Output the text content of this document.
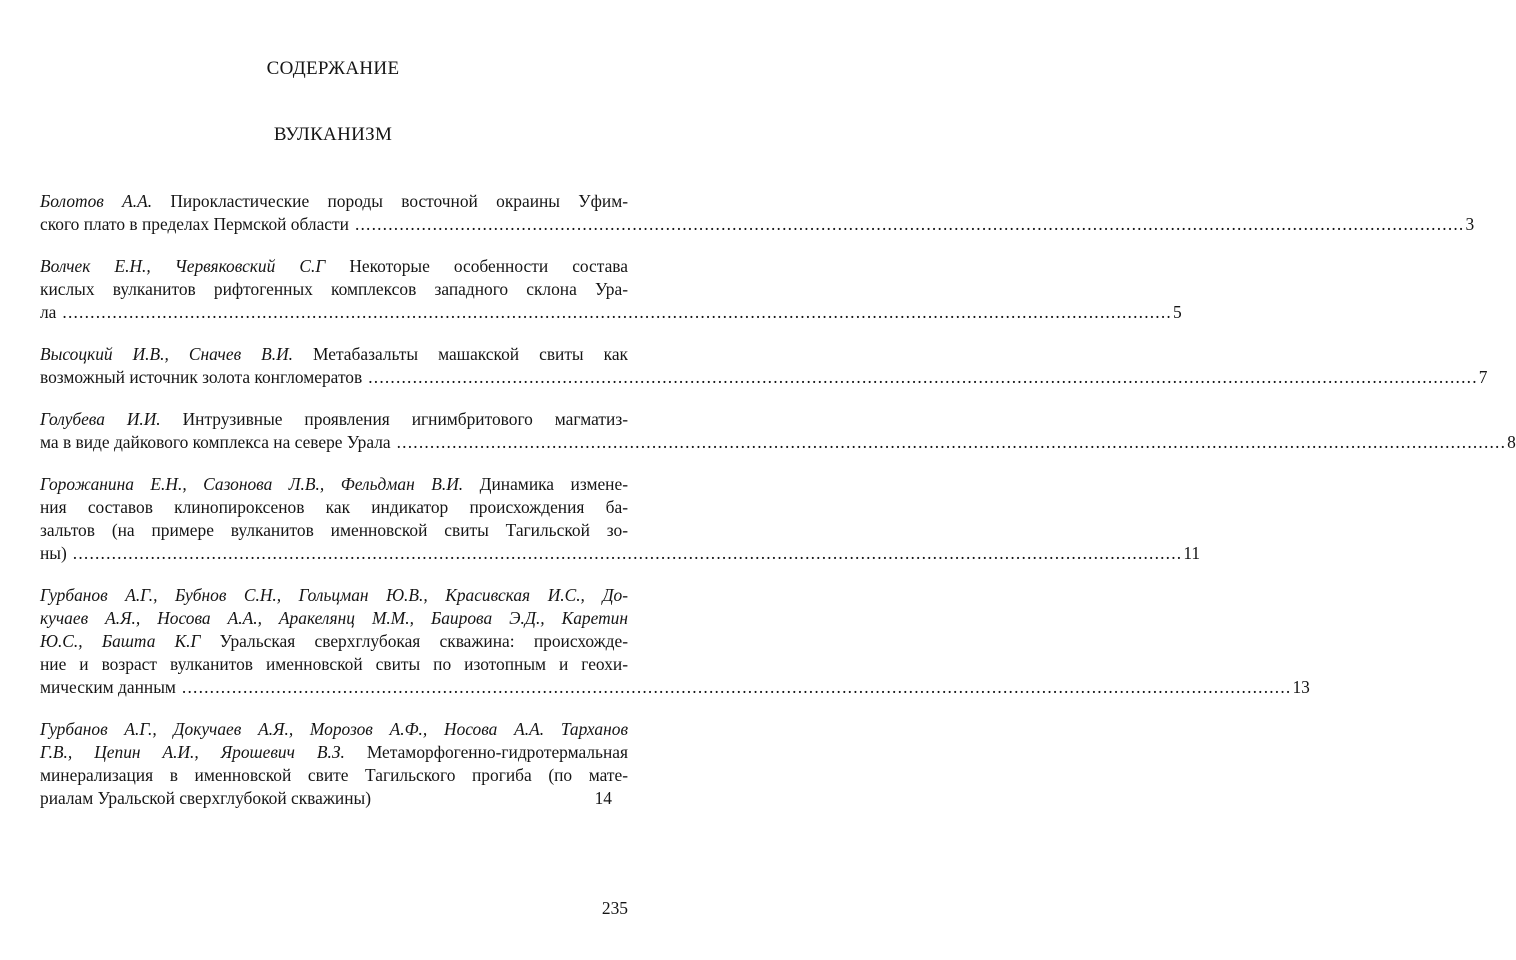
СОДЕРЖАНИЕ
ВУЛКАНИЗМ
Болотов А.А. Пирокластические породы восточной окраины Уфим-
ского плато в пределах Пермской области ........................................................................................................................................................................................................ 3
Волчек Е.Н., Червяковский С.Г Некоторые особенности состава
кислых вулканитов рифтогенных комплексов западного склона Ура-
ла ........................................................................................................................................................................................................ 5
Высоцкий И.В., Сначев В.И. Метабазальты машакской свиты как
возможный источник золота конгломератов ........................................................................................................................................................................................................ 7
Голубева И.И. Интрузивные проявления игнимбритового магматиз-
ма в виде дайкового комплекса на севере Урала ........................................................................................................................................................................................................ 8
Горожанина Е.Н., Сазонова Л.В., Фельдман В.И. Динамика измене-
ния составов клинопироксенов как индикатор происхождения ба-
зальтов (на примере вулканитов именновской свиты Тагильской зо-
ны) ........................................................................................................................................................................................................ 11
Гурбанов А.Г., Бубнов С.Н., Гольцман Ю.В., Красивская И.С., До-
кучаев А.Я., Носова А.А., Аракелянц М.М., Баирова Э.Д., Каретин
Ю.С., Башта К.Г Уральская сверхглубокая скважина: происхожде-
ние и возраст вулканитов именновской свиты по изотопным и геохи-
мическим данным ........................................................................................................................................................................................................ 13
Гурбанов А.Г., Докучаев А.Я., Морозов А.Ф., Носова А.А. Тарханов
Г.В., Цепин А.И., Ярошевич В.З. Метаморфогенно-гидротермальная
минерализация в именновской свите Тагильского прогиба (по мате-
риалам Уральской сверхглубокой скважины)	14
235
